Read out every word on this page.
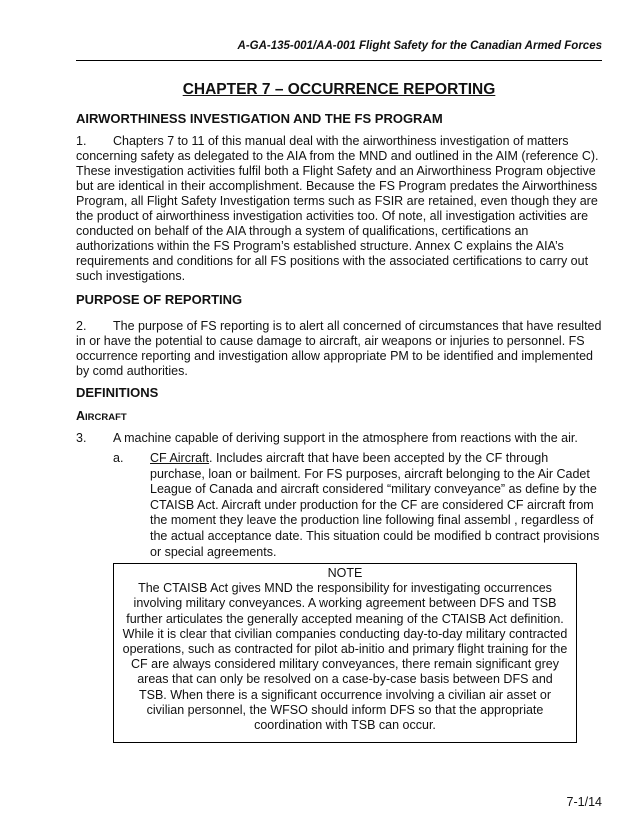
A-GA-135-001/AA-001 Flight Safety for the Canadian Armed Forces
CHAPTER 7 – OCCURRENCE REPORTING
AIRWORTHINESS INVESTIGATION AND THE FS PROGRAM
1. Chapters 7 to 11 of this manual deal with the airworthiness investigation of matters concerning safety as delegated to the AIA from the MND and outlined in the AIM (reference C). These investigation activities fulfil both a Flight Safety and an Airworthiness Program objective but are identical in their accomplishment. Because the FS Program predates the Airworthiness Program, all Flight Safety Investigation terms such as FSIR are retained, even though they are the product of airworthiness investigation activities too. Of note, all investigation activities are conducted on behalf of the AIA through a system of qualifications, certifications an authorizations within the FS Program’s established structure. Annex C explains the AIA’s requirements and conditions for all FS positions with the associated certifications to carry out such investigations.
PURPOSE OF REPORTING
2. The purpose of FS reporting is to alert all concerned of circumstances that have resulted in or have the potential to cause damage to aircraft, air weapons or injuries to personnel. FS occurrence reporting and investigation allow appropriate PM to be identified and implemented by comd authorities.
DEFINITIONS
AIRCRAFT
3. A machine capable of deriving support in the atmosphere from reactions with the air.
a. CF Aircraft. Includes aircraft that have been accepted by the CF through purchase, loan or bailment. For FS purposes, aircraft belonging to the Air Cadet League of Canada and aircraft considered “military conveyance” as define by the CTAISB Act. Aircraft under production for the CF are considered CF aircraft from the moment they leave the production line following final assembl , regardless of the actual acceptance date. This situation could be modified b contract provisions or special agreements.
NOTE
The CTAISB Act gives MND the responsibility for investigating occurrences involving military conveyances. A working agreement between DFS and TSB further articulates the generally accepted meaning of the CTAISB Act definition. While it is clear that civilian companies conducting day-to-day military contracted operations, such as contracted for pilot ab-initio and primary flight training for the CF are always considered military conveyances, there remain significant grey areas that can only be resolved on a case-by-case basis between DFS and TSB. When there is a significant occurrence involving a civilian air asset or civilian personnel, the WFSO should inform DFS so that the appropriate coordination with TSB can occur.
7-1/14
